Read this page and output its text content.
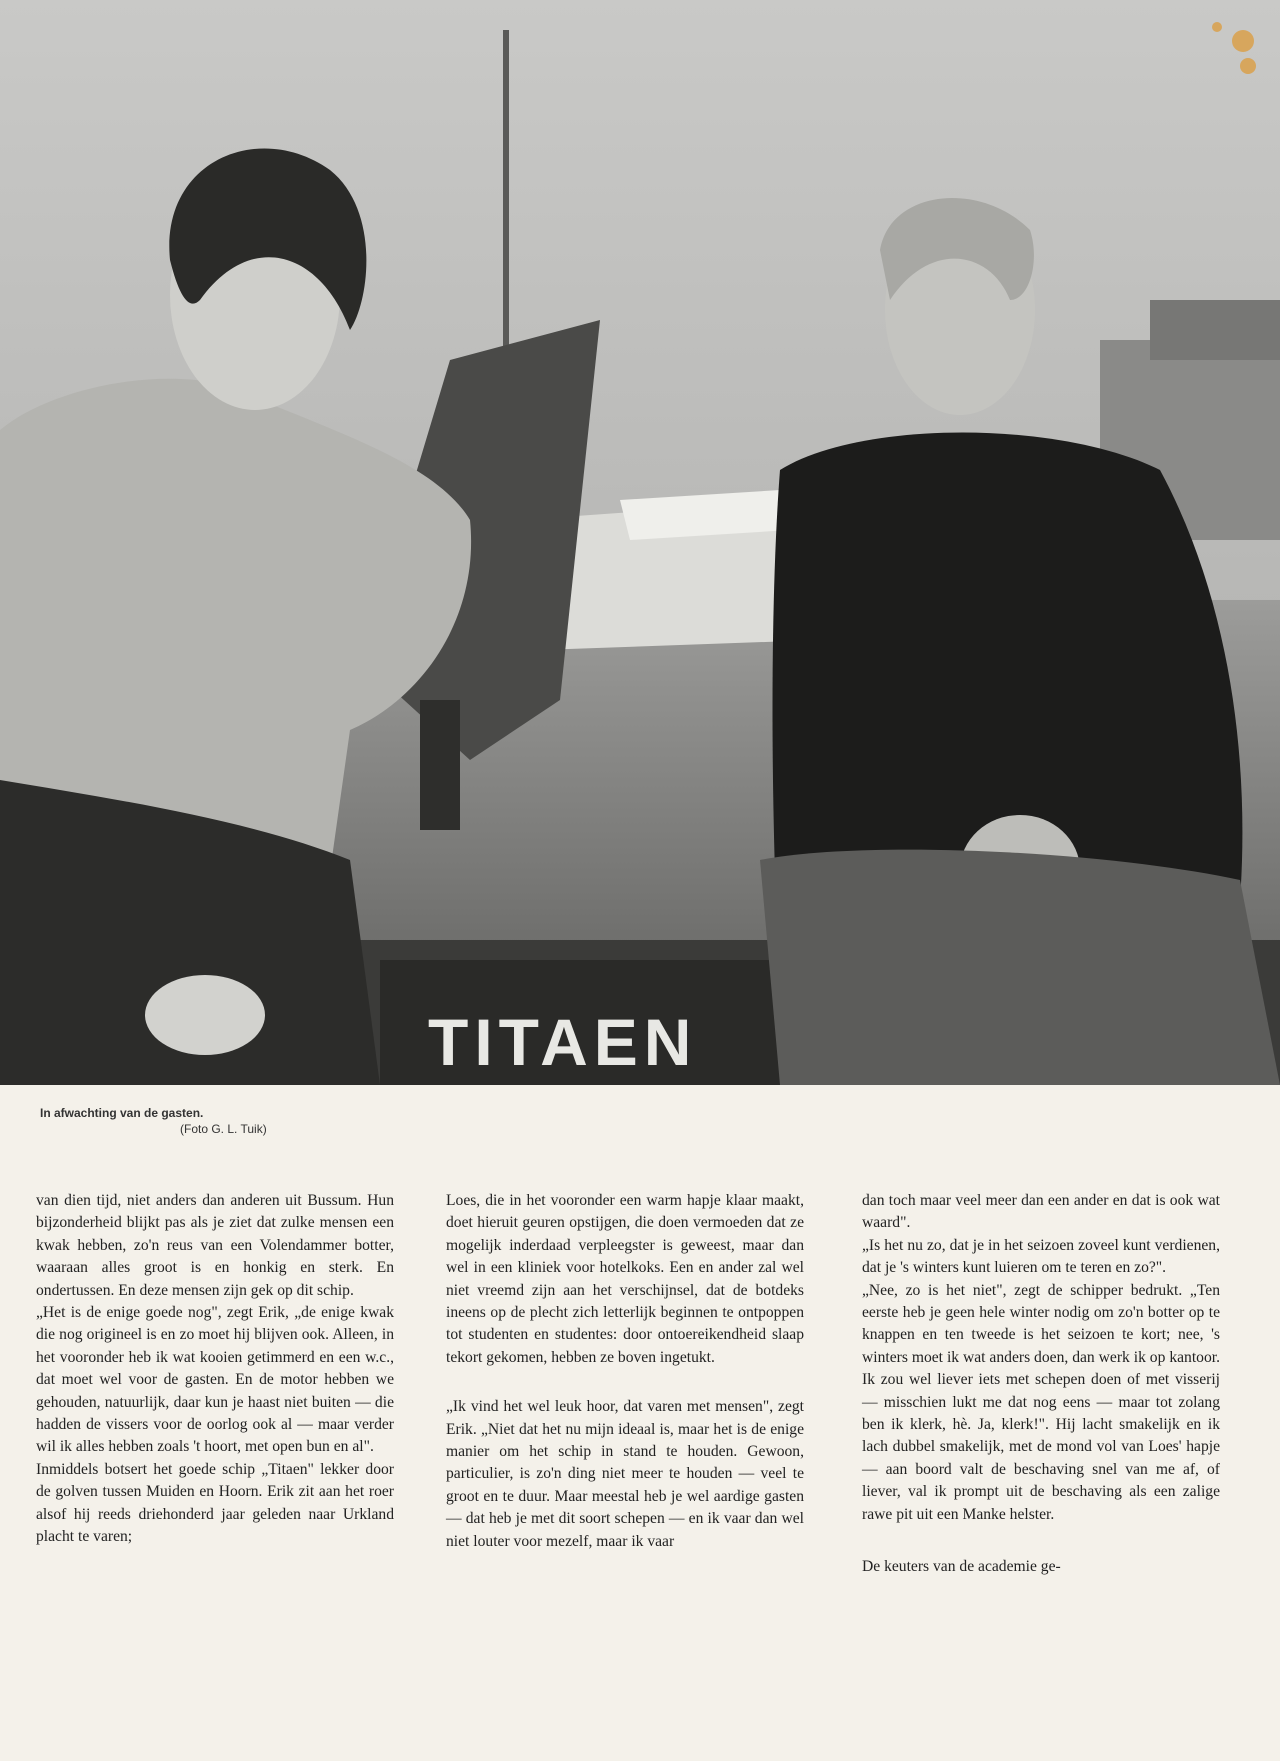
TITAEN
In afwachting van de gasten.
(Foto G. L. Tuik)

van dien tijd, niet anders dan anderen uit Bussum. Hun bijzonderheid blijkt pas als je ziet dat zulke mensen een kwak hebben, zo'n reus van een Volendammer botter, waaraan alles groot is en honkig en sterk. En ondertussen. En deze mensen zijn gek op dit schip.

„Het is de enige goede nog", zegt Erik, „de enige kwak die nog origineel is en zo moet hij blijven ook. Alleen, in het vooronder heb ik wat kooien getimmerd en een w.c., dat moet wel voor de gasten. En de motor hebben we gehouden, natuurlijk, daar kun je haast niet buiten — die hadden de vissers voor de oorlog ook al — maar verder wil ik alles hebben zoals 't hoort, met open bun en al".

Inmiddels botsert het goede schip „Titaen" lekker door de golven tussen Muiden en Hoorn. Erik zit aan het roer alsof hij reeds driehonderd jaar geleden naar Urkland placht te varen;

Loes, die in het vooronder een warm hapje klaar maakt, doet hieruit geuren opstijgen, die doen vermoeden dat ze mogelijk inderdaad verpleegster is geweest, maar dan wel in een kliniek voor hotelkoks. Een en ander zal wel niet vreemd zijn aan het verschijnsel, dat de botdeks ineens op de plecht zich letterlijk beginnen te ontpoppen tot studenten en studentes: door ontoereikendheid slaap tekort gekomen, hebben ze boven ingetukt.

„Ik vind het wel leuk hoor, dat varen met mensen", zegt Erik. „Niet dat het nu mijn ideaal is, maar het is de enige manier om het schip in stand te houden. Gewoon, particulier, is zo'n ding niet meer te houden — veel te groot en te duur. Maar meestal heb je wel aardige gasten — dat heb je met dit soort schepen — en ik vaar dan wel niet louter voor mezelf, maar ik vaar

dan toch maar veel meer dan een ander en dat is ook wat waard".

„Is het nu zo, dat je in het seizoen zoveel kunt verdienen, dat je 's winters kunt luieren om te teren en zo?".

„Nee, zo is het niet", zegt de schipper bedrukt. „Ten eerste heb je geen hele winter nodig om zo'n botter op te knappen en ten tweede is het seizoen te kort; nee, 's winters moet ik wat anders doen, dan werk ik op kantoor. Ik zou wel liever iets met schepen doen of met visserij — misschien lukt me dat nog eens — maar tot zolang ben ik klerk, hè. Ja, klerk!". Hij lacht smakelijk en ik lach dubbel smakelijk, met de mond vol van Loes' hapje — aan boord valt de beschaving snel van me af, of liever, val ik prompt uit de beschaving als een zalige rawe pit uit een Manke helster.

De keuters van de academie ge-
